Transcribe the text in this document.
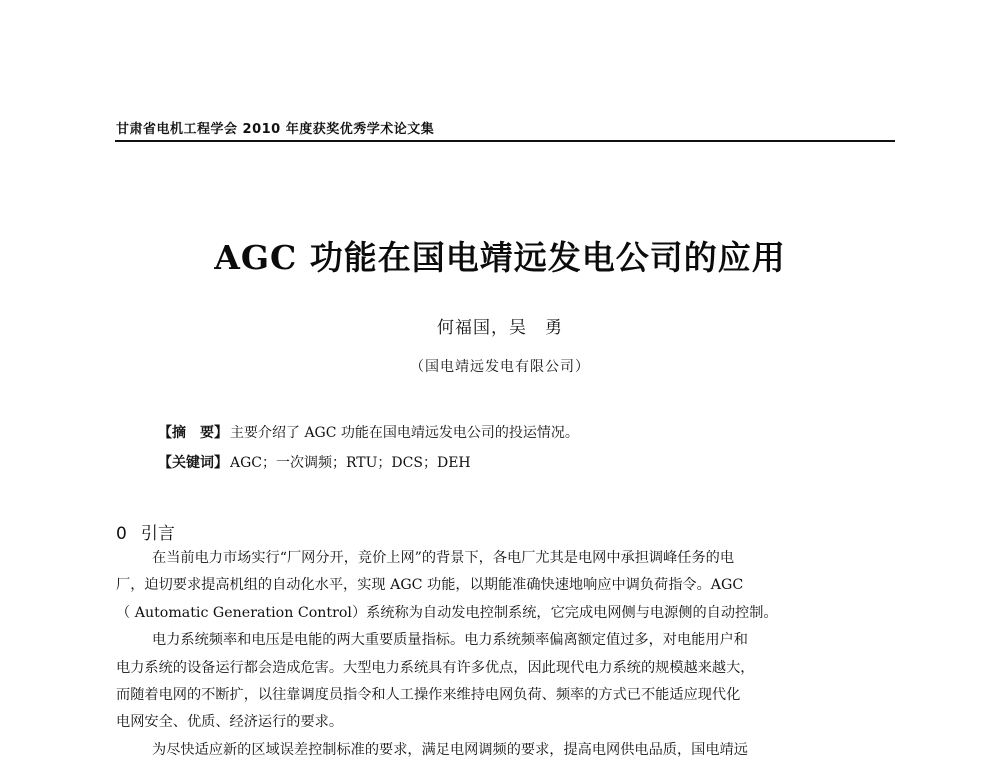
甘肃省电机工程学会 2010 年度获奖优秀学术论文集
AGC 功能在国电靖远发电公司的应用
何福国，吴　勇
（国电靖远发电有限公司）
【摘　要】 主要介绍了 AGC 功能在国电靖远发电公司的投运情况。
【关键词】 AGC；一次调频；RTU；DCS；DEH
0 引言
在当前电力市场实行“厂网分开，竞价上网”的背景下，各电厂尤其是电网中承担调峰任务的电
厂，迫切要求提高机组的自动化水平，实现 AGC 功能，以期能准确快速地响应中调负荷指令。AGC
（ Automatic Generation Control）系统称为自动发电控制系统，它完成电网侧与电源侧的自动控制。
电力系统频率和电压是电能的两大重要质量指标。电力系统频率偏离额定值过多，对电能用户和
电力系统的设备运行都会造成危害。大型电力系统具有许多优点，因此现代电力系统的规模越来越大，
而随着电网的不断扩，以往靠调度员指令和人工操作来维持电网负荷、频率的方式已不能适应现代化
电网安全、优质、经济运行的要求。
为尽快适应新的区域误差控制标准的要求，满足电网调频的要求，提高电网供电品质，国电靖远
